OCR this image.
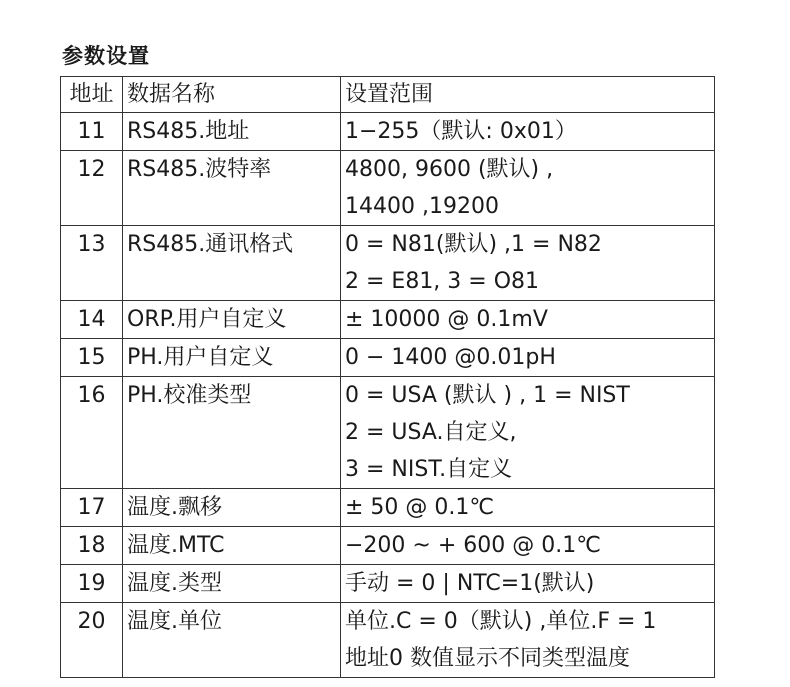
参数设置
地址	数据名称	设置范围
11	RS485.地址	1−255（默认: 0x01）

12	RS485.波特率	4800, 9600 (默认) ,
14400 ,19200

13	RS485.通讯格式	0 = N81(默认) ,1 = N82
2 = E81, 3 = O81

14	ORP.用户自定义	± 10000 @ 0.1mV

15	PH.用户自定义	0 − 1400 @0.01pH

16	PH.校准类型	0 = USA (默认 ) , 1 = NIST
2 = USA.自定义,
3 = NIST.自定义

17	温度.飘移	± 50 @ 0.1℃

18	温度.MTC	−200 ~ + 600 @ 0.1℃

19	温度.类型	手动 = 0 | NTC=1(默认)

20	温度.单位	单位.C = 0（默认) ,单位.F = 1
地址0 数值显示不同类型温度
